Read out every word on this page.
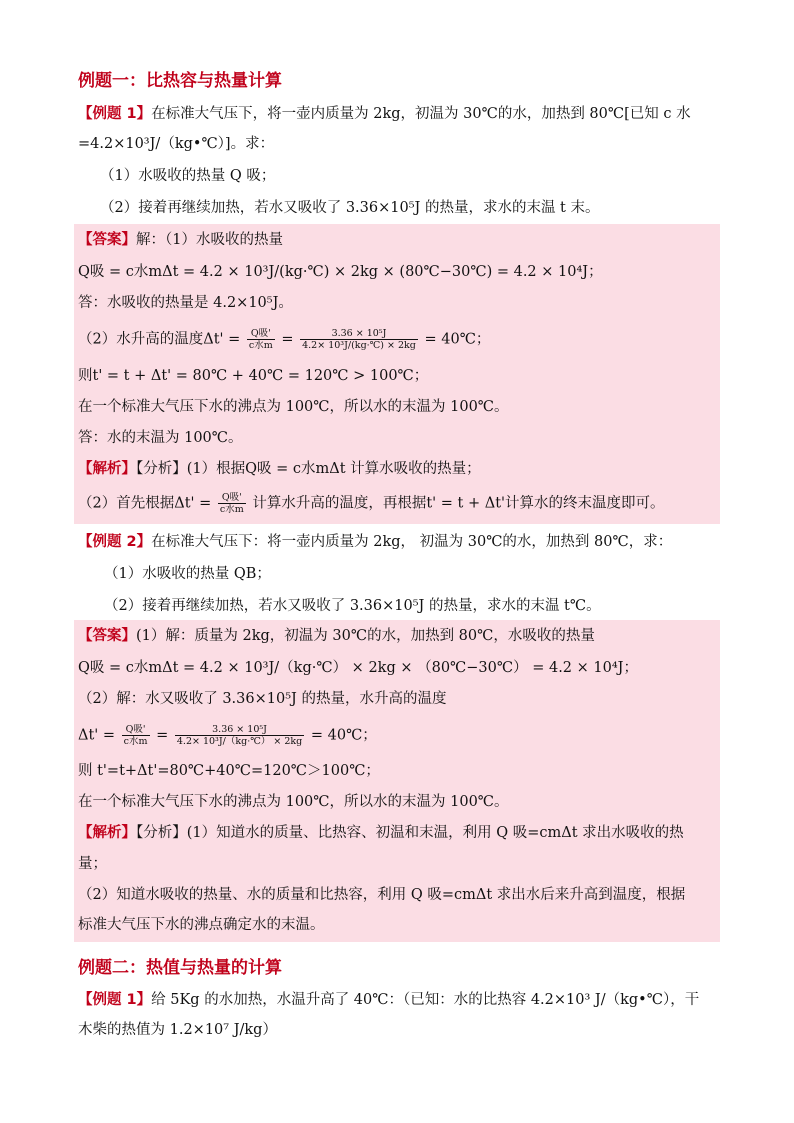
例题一：比热容与热量计算
【例题 1】在标准大气压下，将一壶内质量为 2kg，初温为 30℃的水，加热到 80℃[已知 c 水
=4.2×10³J/（kg•℃）]。求：
（1）水吸收的热量 Q 吸；
（2）接着再继续加热，若水又吸收了 3.36×10⁵J 的热量，求水的末温 t 末。
【答案】解：（1）水吸收的热量
Q吸 = c水mΔt = 4.2 × 10³J/(kg·℃) × 2kg × (80℃−30℃) = 4.2 × 10⁴J；
答：水吸收的热量是 4.2×10⁵J。
（2）水升高的温度$\Delta t' = \frac{\text{Q吸'}}{\text{c水m}} = \frac{\text{3.36 × 10⁵J}}{\text{4.2× 10³J/(kg·℃) × 2kg}}$ = 40℃；
则t' = t + Δt' = 80℃ + 40℃ = 120℃ > 100℃；
在一个标准大气压下水的沸点为 100℃，所以水的末温为 100℃。
答：水的末温为 100℃。
【解析】【分析】(1）根据Q吸 = c水mΔt 计算水吸收的热量；
（2）首先根据$\Delta t' = \frac{\text{Q吸'}}{\text{c水m}}$ 计算水升高的温度，再根据t' = t + Δt'计算水的终末温度即可。
【例题 2】在标准大气压下：将一壶内质量为 2kg， 初温为 30℃的水，加热到 80℃，求：
（1）水吸收的热量 QB；
（2）接着再继续加热，若水又吸收了 3.36×10⁵J 的热量，求水的末温 t℃。
【答案】(1）解：质量为 2kg，初温为 30℃的水，加热到 80℃，水吸收的热量
Q吸 = c水mΔt = 4.2 × 10³J/（kg·℃） × 2kg × （80℃−30℃） = 4.2 × 10⁴J；
（2）解：水又吸收了 3.36×10⁵J 的热量，水升高的温度
$\Delta t' = \frac{\text{Q吸'}}{\text{c水m}} = \frac{\text{3.36 × 10⁵J}}{\text{4.2× 10³J/（kg·℃） × 2kg}}$ = 40℃；
则 t'=t+Δt'=80℃+40℃=120℃＞100℃；
在一个标准大气压下水的沸点为 100℃，所以水的末温为 100℃。
【解析】【分析】(1）知道水的质量、比热容、初温和末温，利用 Q 吸=cmΔt 求出水吸收的热
量；
（2）知道水吸收的热量、水的质量和比热容，利用 Q 吸=cmΔt 求出水后来升高到温度，根据
标准大气压下水的沸点确定水的末温。
例题二：热值与热量的计算
【例题 1】给 5Kg 的水加热，水温升高了 40℃：（已知：水的比热容 4.2×10³ J/（kg•℃），干
木柴的热值为 1.2×10⁷ J/kg）
